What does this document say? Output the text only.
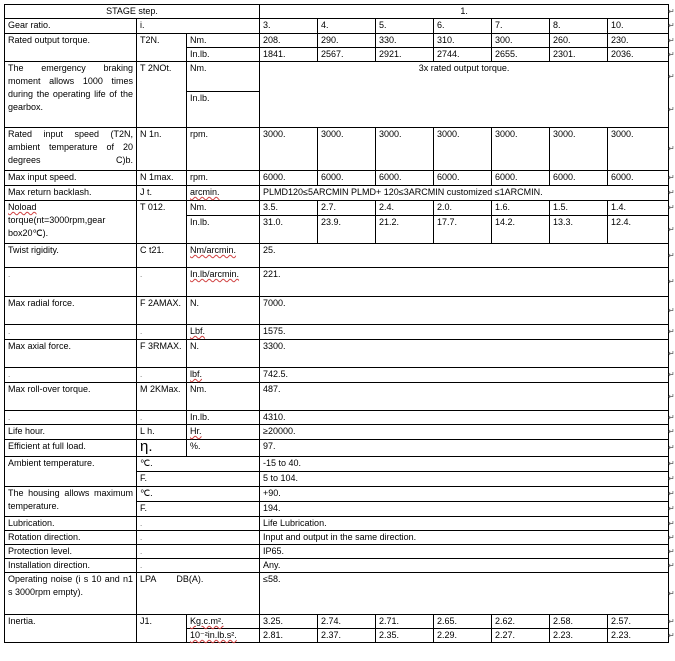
STAGE step.			1.						
Gear ratio.	i.		3.	4.	5.	6.	7.	8.	10.
Rated output torque.	T2N.	Nm.	208.	290.	330.	310.	300.	260.	230.
		In.lb.	1841.	2567.	2921.	2744.	2655.	2301.	2036.
The emergency braking moment allows 1000 times during the operating life of the gearbox.	T 2NOt.	Nm.	3x rated output torque.						
		In.lb.							
Rated input speed (T2N, ambient temperature of 20 degrees C)b.	N 1n.	rpm.	3000.	3000.	3000.	3000.	3000.	3000.	3000.
Max input speed.	N 1max.	rpm.	6000.	6000.	6000.	6000.	6000.	6000.	6000.
Max return backlash.	J t.	arcmin.	PLMD120≤5ARCMIN PLMD+ 120≤3ARCMIN customized ≤1ARCMIN.						
Noload torque(nt=3000rpm,gear box20℃).	T 012.	Nm.	3.5.	2.7.	2.4.	2.0.	1.6.	1.5.	1.4.
		In.lb.	31.0.	23.9.	21.2.	17.7.	14.2.	13.3.	12.4.
Twist rigidity.	C t21.	Nm/arcmin.	25.						
.	.	In.lb/arcmin.	221.						
Max radial force.	F 2AMAX.	N.	7000.						
.	.	Lbf.	1575.						
Max axial force.	F 3RMAX.	N.	3300.						
.	.	lbf.	742.5.						
Max roll-over torque.	M 2KMax.	Nm.	487.						
.	.	In.lb.	4310.						
Life hour.	L h.	Hr.	≥20000.						
Efficient at full load.	η.	%.	97.						
Ambient temperature.	℃.		-15 to 40.						
	F.		5 to 104.						
The housing allows maximum temperature.	℃.		+90.						
	F.		194.						
Lubrication.	.		Life Lubrication.						
Rotation direction.	.		Input and output in the same direction.						
Protection level.	.		IP65.						
Installation direction.	.		Any.						
Operating noise (i s 10 and n1 s 3000rpm empty).	LPA DB(A).		≤58.						
Inertia.	J1.	Kg.c.m².	3.25.	2.74.	2.71.	2.65.	2.62.	2.58.	2.57.
		10⁻²in.lb.s².	2.81.	2.37.	2.35.	2.29.	2.27.	2.23.	2.23.
↵
↵
↵
↵
↵
↵
↵
↵
↵
↵
↵
↵
↵
↵
↵
↵
↵
↵
↵
↵
↵
↵
↵
↵
↵
↵
↵
↵
↵
↵
↵
↵
